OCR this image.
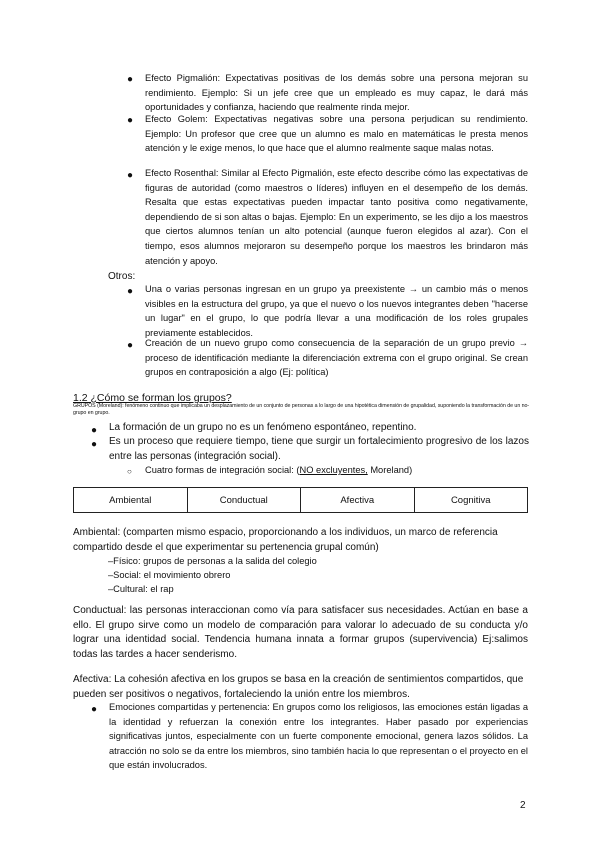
● Efecto Pigmalión: Expectativas positivas de los demás sobre una persona mejoran su rendimiento. Ejemplo: Si un jefe cree que un empleado es muy capaz, le dará más oportunidades y confianza, haciendo que realmente rinda mejor.

● Efecto Golem: Expectativas negativas sobre una persona perjudican su rendimiento. Ejemplo: Un profesor que cree que un alumno es malo en matemáticas le presta menos atención y le exige menos, lo que hace que el alumno realmente saque malas notas.

● Efecto Rosenthal: Similar al Efecto Pigmalión, este efecto describe cómo las expectativas de figuras de autoridad (como maestros o líderes) influyen en el desempeño de los demás. Resalta que estas expectativas pueden impactar tanto positiva como negativamente, dependiendo de si son altas o bajas. Ejemplo: En un experimento, se les dijo a los maestros que ciertos alumnos tenían un alto potencial (aunque fueron elegidos al azar). Con el tiempo, esos alumnos mejoraron su desempeño porque los maestros les brindaron más atención y apoyo.

Otros:

● Una o varias personas ingresan en un grupo ya preexistente → un cambio más o menos visibles en la estructura del grupo, ya que el nuevo o los nuevos integrantes deben "hacerse un lugar" en el grupo, lo que podría llevar a una modificación de los roles grupales previamente establecidos.

● Creación de un nuevo grupo como consecuencia de la separación de un grupo previo → proceso de identificación mediante la diferenciación extrema con el grupo original. Se crean grupos en contraposición a algo (Ej: política)

1.2 ¿Cómo se forman los grupos?

GRUPOS (Moreland): fenómeno continuo que implicaba un desplazamiento de un conjunto de personas a lo largo de una hipotética dimensión de grupalidad, suponiendo la transformación de un no-grupo en grupo.

● La formación de un grupo no es un fenómeno espontáneo, repentino.

● Es un proceso que requiere tiempo, tiene que surgir un fortalecimiento progresivo de los lazos entre las personas (integración social).

○ Cuatro formas de integración social: (NO excluyentes, Moreland)

Ambiental	Conductual	Afectiva	Cognitiva

Ambiental: (comparten mismo espacio, proporcionando a los individuos, un marco de referencia compartido desde el que experimentar su pertenencia grupal común)

–Físico: grupos de personas a la salida del colegio

–Social: el movimiento obrero

–Cultural: el rap

Conductual: las personas interaccionan como vía para satisfacer sus necesidades. Actúan en base a ello. El grupo sirve como un modelo de comparación para valorar lo adecuado de su conducta y/o lograr una identidad social. Tendencia humana innata a formar grupos (supervivencia) Ej:salimos todas las tardes a hacer senderismo.

Afectiva: La cohesión afectiva en los grupos se basa en la creación de sentimientos compartidos, que pueden ser positivos o negativos, fortaleciendo la unión entre los miembros.

● Emociones compartidas y pertenencia: En grupos como los religiosos, las emociones están ligadas a la identidad y refuerzan la conexión entre los integrantes. Haber pasado por experiencias significativas juntos, especialmente con un fuerte componente emocional, genera lazos sólidos. La atracción no solo se da entre los miembros, sino también hacia lo que representan o el proyecto en el que están involucrados.

2
